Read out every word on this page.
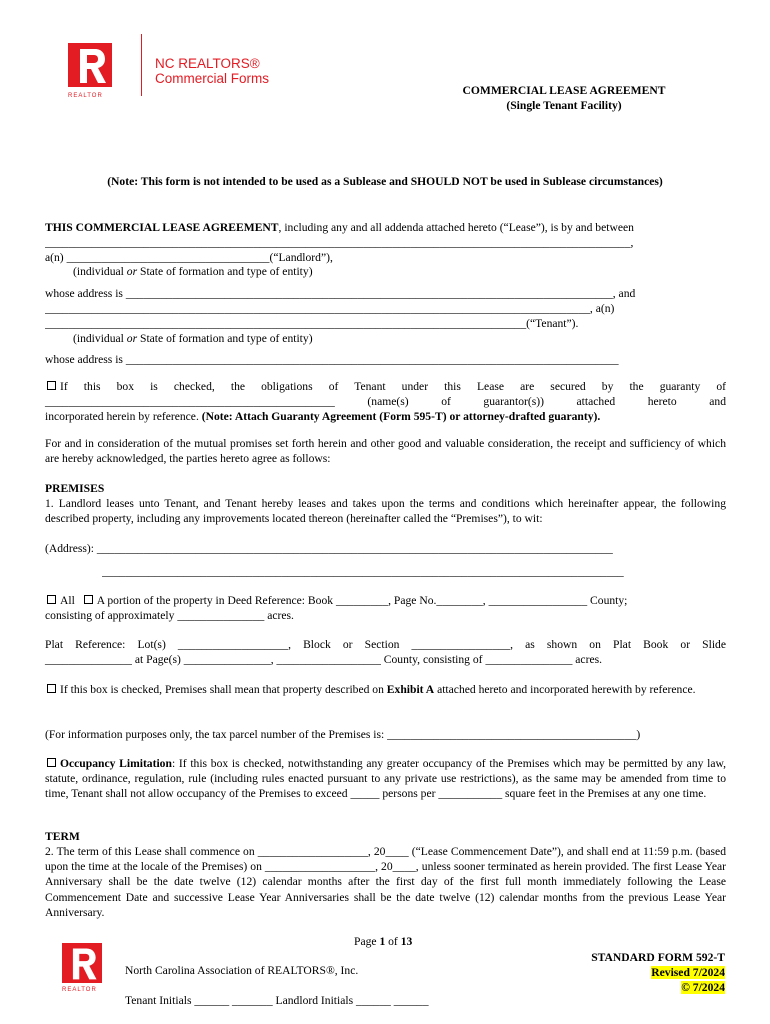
REALTOR
NC REALTORS®
Commercial Forms
COMMERCIAL LEASE AGREEMENT
(Single Tenant Facility)
(Note: This form is not intended to be used as a Sublease and SHOULD NOT be used in Sublease circumstances)
THIS COMMERCIAL LEASE AGREEMENT, including any and all addenda attached hereto (“Lease”), is by and between
_____________________________________________________________________________________________________,
a(n) ___________________________________(“Landlord”),
(individual or State of formation and type of entity)
whose address is ____________________________________________________________________________________, and
______________________________________________________________________________________________, a(n)
___________________________________________________________________________________(“Tenant”).
(individual or State of formation and type of entity)
whose address is _____________________________________________________________________________________
If this box is checked, the obligations of Tenant under this Lease are secured by the guaranty of
__________________________________________________ (name(s) of guarantor(s)) attached hereto and
incorporated herein by reference. (Note: Attach Guaranty Agreement (Form 595-T) or attorney-drafted guaranty).
For and in consideration of the mutual promises set forth herein and other good and valuable consideration, the receipt and sufficiency of which are hereby acknowledged, the parties hereto agree as follows:
PREMISES
1. Landlord leases unto Tenant, and Tenant hereby leases and takes upon the terms and conditions which hereinafter appear, the following described property, including any improvements located thereon (hereinafter called the “Premises”), to wit:
(Address): _________________________________________________________________________________________
__________________________________________________________________________________________
All A portion of the property in Deed Reference: Book _________, Page No.________, _________________ County;
consisting of approximately _______________ acres.
Plat Reference: Lot(s) ___________________, Block or Section _________________, as shown on Plat Book or Slide
_______________ at Page(s) _______________, __________________ County, consisting of _______________ acres.
If this box is checked, Premises shall mean that property described on Exhibit A attached hereto and incorporated herewith by reference.
(For information purposes only, the tax parcel number of the Premises is: ___________________________________________)
Occupancy Limitation: If this box is checked, notwithstanding any greater occupancy of the Premises which may be permitted by any law, statute, ordinance, regulation, rule (including rules enacted pursuant to any private use restrictions), as the same may be amended from time to time, Tenant shall not allow occupancy of the Premises to exceed _____ persons per ___________ square feet in the Premises at any one time.
TERM
2. The term of this Lease shall commence on ___________________, 20____ (“Lease Commencement Date”), and shall end at 11:59 p.m. (based upon the time at the locale of the Premises) on ___________________, 20____, unless sooner terminated as herein provided. The first Lease Year Anniversary shall be the date twelve (12) calendar months after the first day of the first full month immediately following the Lease Commencement Date and successive Lease Year Anniversaries shall be the date twelve (12) calendar months from the previous Lease Year Anniversary.
Page 1 of 13
REALTOR
North Carolina Association of REALTORS®, Inc.
Tenant Initials ______ _______ Landlord Initials ______ ______
STANDARD FORM 592-T
Revised 7/2024
© 7/2024
